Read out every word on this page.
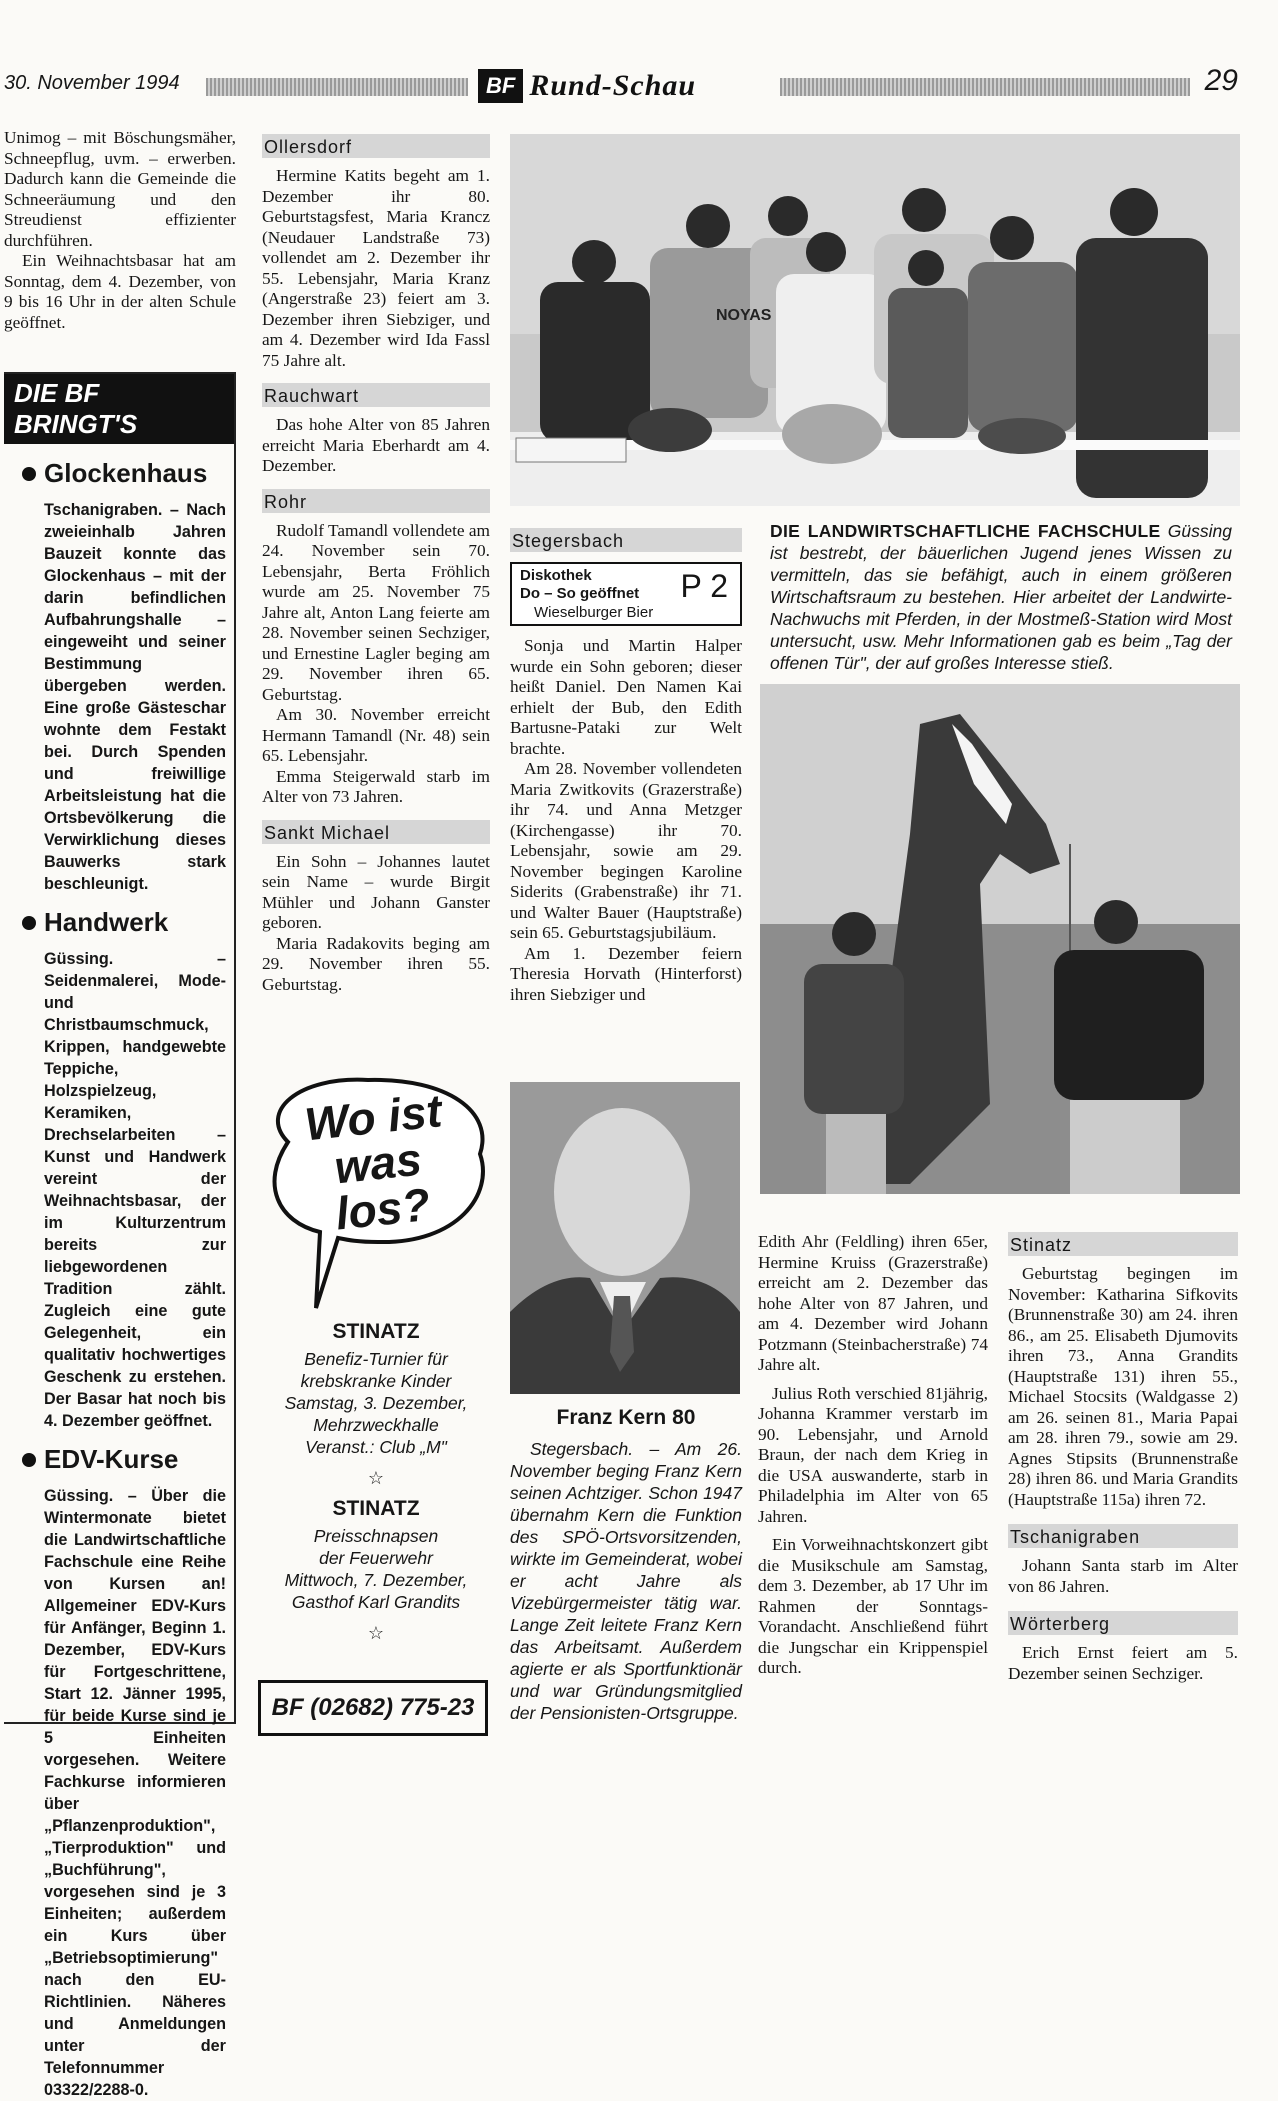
30. November 1994	BF Rund-Schau	29

Unimog – mit Böschungsmäher, Schneepflug, uvm. – erwerben. Dadurch kann die Gemeinde die Schneeräumung und den Streudienst effizienter durchführen.

Ein Weihnachtsbasar hat am Sonntag, dem 4. Dezember, von 9 bis 16 Uhr in der alten Schule geöffnet.

DIE BF BRINGT'S
Glockenhaus

Tschanigraben. – Nach zweieinhalb Jahren Bauzeit konnte das Glockenhaus – mit der darin befindlichen Aufbahrungshalle – eingeweiht und seiner Bestimmung übergeben werden. Eine große Gästeschar wohnte dem Festakt bei. Durch Spenden und freiwillige Arbeitsleistung hat die Ortsbevölkerung die Verwirklichung dieses Bauwerks stark beschleunigt.

Handwerk

Güssing. – Seidenmalerei, Mode- und Christbaumschmuck, Krippen, handgewebte Teppiche, Holzspielzeug, Keramiken, Drechselarbeiten – Kunst und Handwerk vereint der Weihnachtsbasar, der im Kulturzentrum bereits zur liebgewordenen Tradition zählt. Zugleich eine gute Gelegenheit, ein qualitativ hochwertiges Geschenk zu erstehen. Der Basar hat noch bis 4. Dezember geöffnet.

EDV-Kurse

Güssing. – Über die Wintermonate bietet die Landwirtschaftliche Fachschule eine Reihe von Kursen an! Allgemeiner EDV-Kurs für Anfänger, Beginn 1. Dezember, EDV-Kurs für Fortgeschrittene, Start 12. Jänner 1995, für beide Kurse sind je 5 Einheiten vorgesehen. Weitere Fachkurse informieren über „Pflanzenproduktion", „Tierproduktion" und „Buchführung", vorgesehen sind je 3 Einheiten; außerdem ein Kurs über „Betriebsoptimierung" nach den EU-Richtlinien. Näheres und Anmeldungen unter der Telefonnummer 03322/2288-0.

Ollersdorf

Hermine Katits begeht am 1. Dezember ihr 80. Geburtstagsfest, Maria Krancz (Neudauer Landstraße 73) vollendet am 2. Dezember ihr 55. Lebensjahr, Maria Kranz (Angerstraße 23) feiert am 3. Dezember ihren Siebziger, und am 4. Dezember wird Ida Fassl 75 Jahre alt.

Rauchwart

Das hohe Alter von 85 Jahren erreicht Maria Eberhardt am 4. Dezember.

Rohr

Rudolf Tamandl vollendete am 24. November sein 70. Lebensjahr, Berta Fröhlich wurde am 25. November 75 Jahre alt, Anton Lang feierte am 28. November seinen Sechziger, und Ernestine Lagler beging am 29. November ihren 65. Geburtstag.

Am 30. November erreicht Hermann Tamandl (Nr. 48) sein 65. Lebensjahr.

Emma Steigerwald starb im Alter von 73 Jahren.

Sankt Michael

Ein Sohn – Johannes lautet sein Name – wurde Birgit Mühler und Johann Ganster geboren.

Maria Radakovits beging am 29. November ihren 55. Geburtstag.

Wo ist was los?
STINATZ
Benefiz-Turnier für
krebskranke Kinder
Samstag, 3. Dezember,
Mehrzweckhalle
Veranst.: Club „M"
☆
STINATZ
Preisschnapsen
der Feuerwehr
Mittwoch, 7. Dezember,
Gasthof Karl Grandits
☆
BF (02682) 775-23
NOYAS
DIE LANDWIRTSCHAFTLICHE FACHSCHULE Güssing ist bestrebt, der bäuerlichen Jugend jenes Wissen zu vermitteln, das sie befähigt, auch in einem größeren Wirtschaftsraum zu bestehen. Hier arbeitet der Landwirte-Nachwuchs mit Pferden, in der Mostmeß-Station wird Most untersucht, usw. Mehr Informationen gab es beim „Tag der offenen Tür", der auf großes Interesse stieß.
Stegersbach
Diskothek
Do – So geöffnet
Wieselburger Bier
P 2

Sonja und Martin Halper wurde ein Sohn geboren; dieser heißt Daniel. Den Namen Kai erhielt der Bub, den Edith Bartusne-Pataki zur Welt brachte.

Am 28. November vollendeten Maria Zwitkovits (Grazerstraße) ihr 74. und Anna Metzger (Kirchengasse) ihr 70. Lebensjahr, sowie am 29. November begingen Karoline Siderits (Grabenstraße) ihr 71. und Walter Bauer (Hauptstraße) sein 65. Geburtstagsjubiläum.

Am 1. Dezember feiern Theresia Horvath (Hinterforst) ihren Siebziger und

Franz Kern 80

Stegersbach. – Am 26. November beging Franz Kern seinen Achtziger. Schon 1947 übernahm Kern die Funktion des SPÖ-Ortsvorsitzenden, wirkte im Gemeinderat, wobei er acht Jahre als Vizebürgermeister tätig war. Lange Zeit leitete Franz Kern das Arbeitsamt. Außerdem agierte er als Sportfunktionär und war Gründungsmitglied der Pensionisten-Ortsgruppe.

Edith Ahr (Feldling) ihren 65er, Hermine Kruiss (Grazerstraße) erreicht am 2. Dezember das hohe Alter von 87 Jahren, und am 4. Dezember wird Johann Potzmann (Steinbacherstraße) 74 Jahre alt.

Julius Roth verschied 81jährig, Johanna Krammer verstarb im 90. Lebensjahr, und Arnold Braun, der nach dem Krieg in die USA auswanderte, starb in Philadelphia im Alter von 65 Jahren.

Ein Vorweihnachtskonzert gibt die Musikschule am Samstag, dem 3. Dezember, ab 17 Uhr im Rahmen der Sonntags-Vorandacht. Anschließend führt die Jungschar ein Krippenspiel durch.

Stinatz

Geburtstag begingen im November: Katharina Sifkovits (Brunnenstraße 30) am 24. ihren 86., am 25. Elisabeth Djumovits ihren 73., Anna Grandits (Hauptstraße 131) ihren 55., Michael Stocsits (Waldgasse 2) am 26. seinen 81., Maria Papai am 28. ihren 79., sowie am 29. Agnes Stipsits (Brunnenstraße 28) ihren 86. und Maria Grandits (Hauptstraße 115a) ihren 72.

Tschanigraben

Johann Santa starb im Alter von 86 Jahren.

Wörterberg

Erich Ernst feiert am 5. Dezember seinen Sechziger.
